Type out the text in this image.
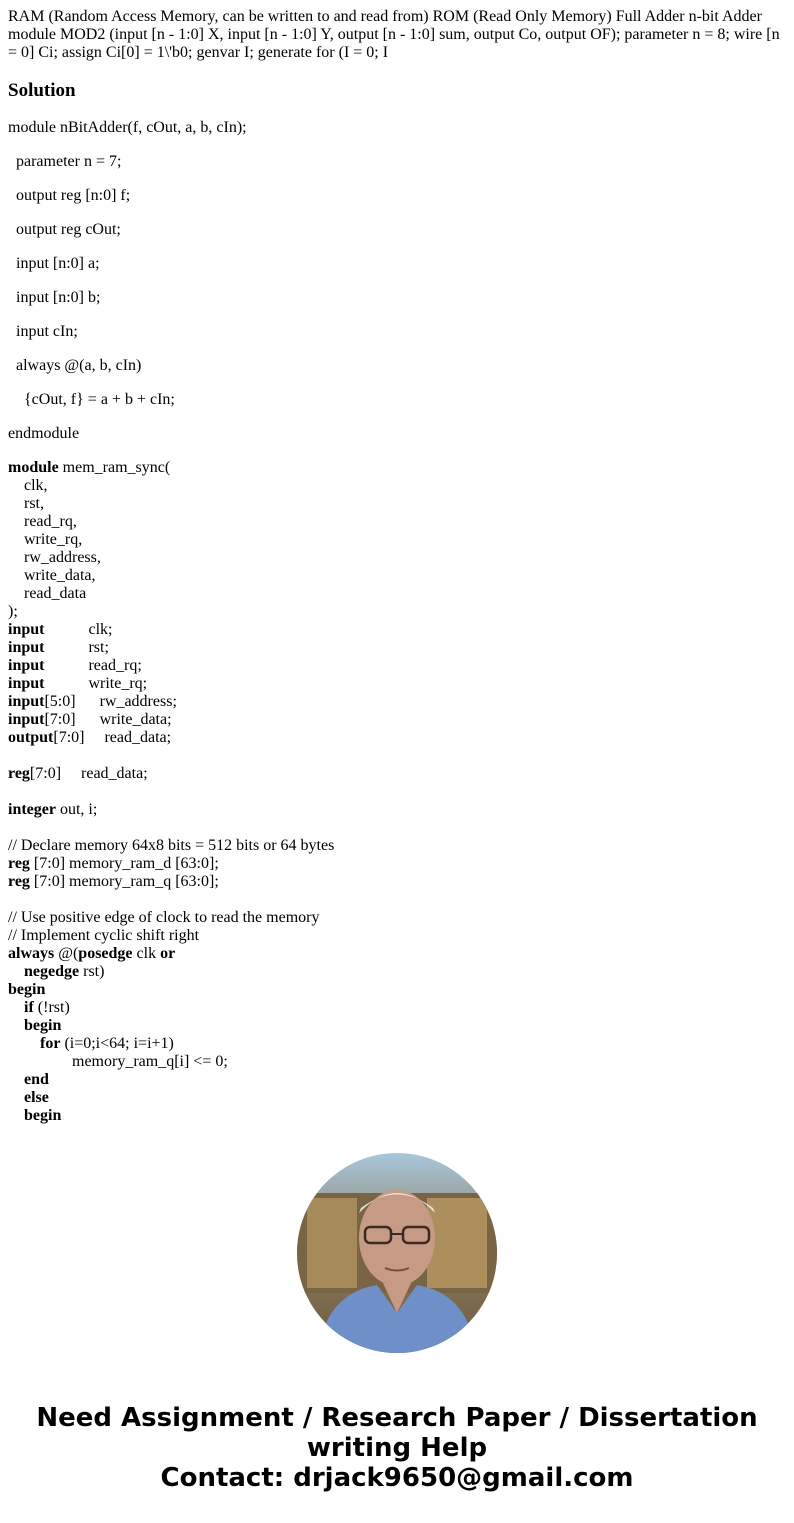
RAM (Random Access Memory, can be written to and read from) ROM (Read Only Memory) Full Adder n-bit Adder module MOD2 (input [n - 1:0] X, input [n - 1:0] Y, output [n - 1:0] sum, output Co, output OF); parameter n = 8; wire [n = 0] Ci; assign Ci[0] = 1\'b0; genvar I; generate for (I = 0; I

Solution

module nBitAdder(f, cOut, a, b, cIn);

parameter n = 7;

output reg [n:0] f;

output reg cOut;

input [n:0] a;

input [n:0] b;

input cIn;

always @(a, b, cIn)

{cOut, f} = a + b + cIn;

endmodule

module mem_ram_sync(
clk,
rst,
read_rq,
write_rq,
rw_address,
write_data,
read_data
);
input           clk;
input           rst;
input           read_rq;
input           write_rq;
input[5:0]      rw_address;
input[7:0]      write_data;
output[7:0]     read_data;
reg[7:0]     read_data;
integer out, i;
// Declare memory 64x8 bits = 512 bits or 64 bytes
reg [7:0] memory_ram_d [63:0];
reg [7:0] memory_ram_q [63:0];
// Use positive edge of clock to read the memory
// Implement cyclic shift right
always @(posedge clk or
negedge rst)
begin
if (!rst)
begin
for (i=0;i<64; i=i+1)
memory_ram_q[i] <= 0;
end
else
begin
Need Assignment / Research Paper / Dissertation
writing Help
Contact: drjack9650@gmail.com
